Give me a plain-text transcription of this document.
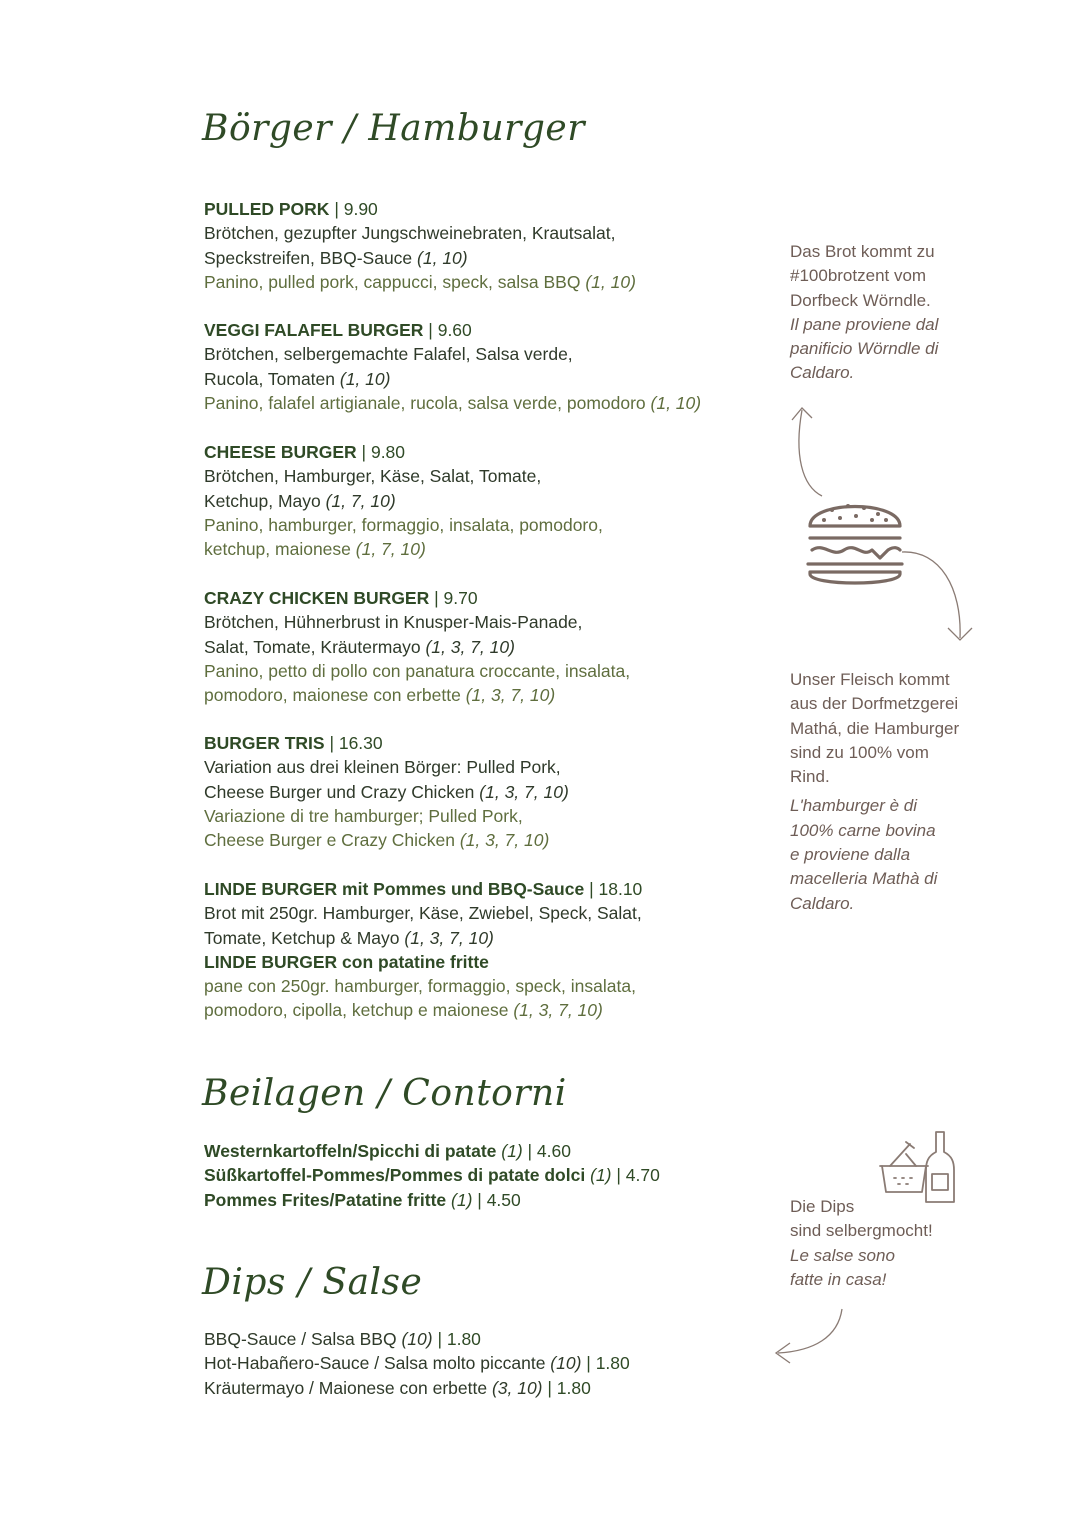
Börger / Hamburger
Beilagen / Contorni
Dips / Salse
PULLED PORK | 9.90
Brötchen, gezupfter Jungschweinebraten, Krautsalat,
Speckstreifen, BBQ-Sauce (1, 10)
Panino, pulled pork, cappucci, speck, salsa BBQ (1, 10)
VEGGI FALAFEL BURGER | 9.60
Brötchen, selbergemachte Falafel, Salsa verde,
Rucola, Tomaten (1, 10)
Panino, falafel artigianale, rucola, salsa verde, pomodoro (1, 10)
CHEESE BURGER | 9.80
Brötchen, Hamburger, Käse, Salat, Tomate,
Ketchup, Mayo (1, 7, 10)
Panino, hamburger, formaggio, insalata, pomodoro,
ketchup, maionese (1, 7, 10)
CRAZY CHICKEN BURGER | 9.70
Brötchen, Hühnerbrust in Knusper-Mais-Panade,
Salat, Tomate, Kräutermayo (1, 3, 7, 10)
Panino, petto di pollo con panatura croccante, insalata,
pomodoro, maionese con erbette (1, 3, 7, 10)
BURGER TRIS | 16.30
Variation aus drei kleinen Börger: Pulled Pork,
Cheese Burger und Crazy Chicken (1, 3, 7, 10)
Variazione di tre hamburger; Pulled Pork,
Cheese Burger e Crazy Chicken (1, 3, 7, 10)
LINDE BURGER mit Pommes und BBQ-Sauce | 18.10
Brot mit 250gr. Hamburger, Käse, Zwiebel, Speck, Salat,
Tomate, Ketchup & Mayo (1, 3, 7, 10)
LINDE BURGER con patatine fritte
pane con 250gr. hamburger, formaggio, speck, insalata,
pomodoro, cipolla, ketchup e maionese (1, 3, 7, 10)
Westernkartoffeln/Spicchi di patate (1) | 4.60
Süßkartoffel-Pommes/Pommes di patate dolci (1) | 4.70
Pommes Frites/Patatine fritte (1) | 4.50
BBQ-Sauce / Salsa BBQ (10) | 1.80
Hot-Habañero-Sauce / Salsa molto piccante (10) | 1.80
Kräutermayo / Maionese con erbette (3, 10) | 1.80
Das Brot kommt zu
#100brotzent vom
Dorfbeck Wörndle.
Il pane proviene dal
panificio Wörndle di
Caldaro.
Unser Fleisch kommt
aus der Dorfmetzgerei
Mathá, die Hamburger
sind zu 100% vom
Rind.
L'hamburger è di
100% carne bovina
e proviene dalla
macelleria Mathà di
Caldaro.
Die Dips
sind selbergmocht!
Le salse sono
fatte in casa!
